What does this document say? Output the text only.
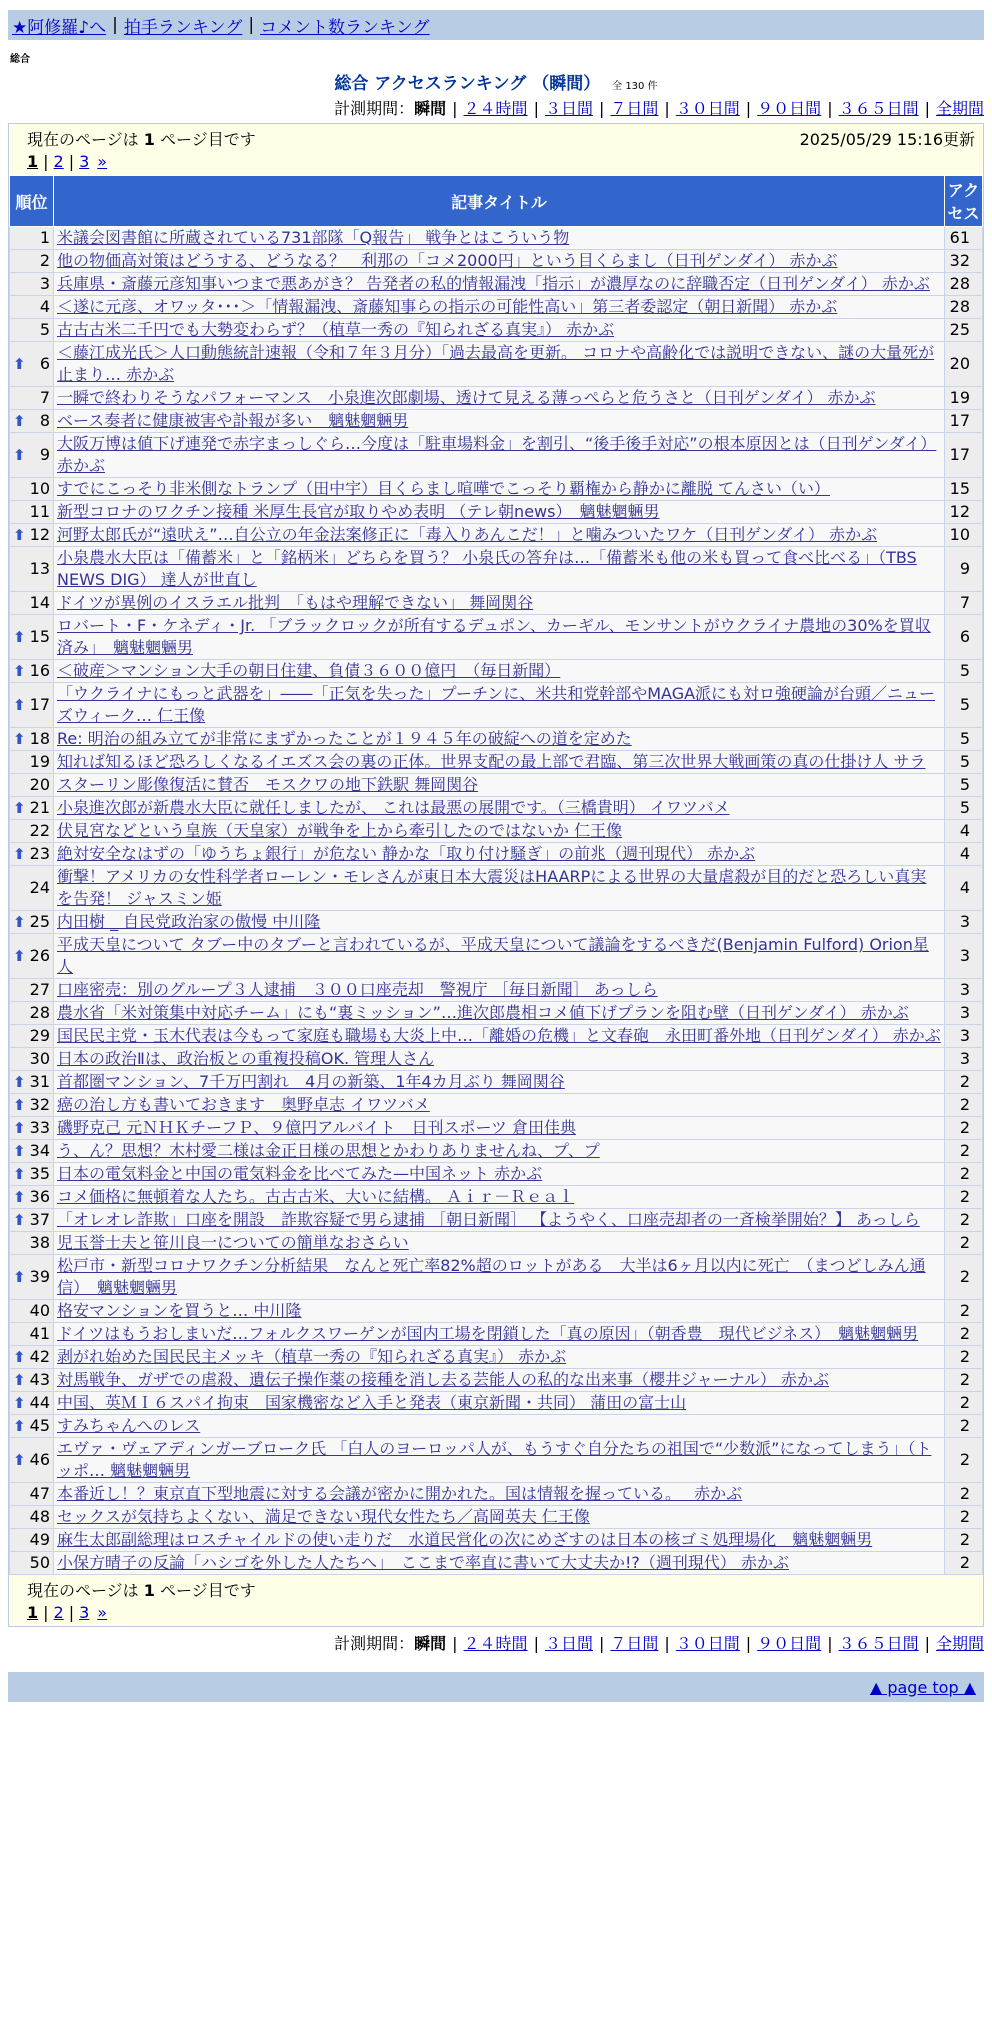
★阿修羅♪へ | 拍手ランキング | コメント数ランキング
総合
総合 アクセスランキング （瞬間） 全 130 件
計測期間：瞬間 | ２４時間 | ３日間 | ７日間 | ３０日間 | ９０日間 | ３６５日間 | 全期間
現在のページは 1 ページ目です	2025/05/29 15:16更新
1 | 2 | 3 »
順位	記事タイトル	アクセス
1	米議会図書館に所蔵されている731部隊「Q報告」 戦争とはこういう物	61
2	他の物価高対策はどうする、どうなる？　利那の「コメ2000円」という目くらまし（日刊ゲンダイ） 赤かぶ	32
3	兵庫県・斎藤元彦知事いつまで悪あがき？ 告発者の私的情報漏洩「指示」が濃厚なのに辞職否定（日刊ゲンダイ） 赤かぶ	28
4	＜遂に元彦、オワッタ･･･＞「情報漏洩、斎藤知事らの指示の可能性高い」第三者委認定（朝日新聞） 赤かぶ	28
5	古古古米二千円でも大勢変わらず？（植草一秀の『知られざる真実』） 赤かぶ	25

⬆ 6	＜藤江成光氏＞人口動態統計速報（令和７年３月分）「過去最高を更新。 コロナや高齢化では説明できない、謎の大量死が止まり… 赤かぶ	20
7	一瞬で終わりそうなパフォーマンス　小泉進次郎劇場、透けて見える薄っぺらと危うさと（日刊ゲンダイ） 赤かぶ	19

⬆ 8	ベース奏者に健康被害や訃報が多い　魑魅魍魎男	17

⬆ 9	大阪万博は値下げ連発で赤字まっしぐら…今度は「駐車場料金」を割引、“後手後手対応”の根本原因とは（日刊ゲンダイ） 赤かぶ	17
10	すでにこっそり非米側なトランプ（田中宇）目くらまし喧嘩でこっそり覇権から静かに離脱 てんさい（い）	15
11	新型コロナのワクチン接種 米厚生長官が取りやめ表明 （テレ朝news）　魑魅魍魎男	12

⬆ 12	河野太郎氏が“遠吠え”…自公立の年金法案修正に「毒入りあんこだ！」と噛みついたワケ（日刊ゲンダイ） 赤かぶ	10
13	小泉農水大臣は「備蓄米」と「銘柄米」どちらを買う？ 小泉氏の答弁は…「備蓄米も他の米も買って食べ比べる」（TBS NEWS DIG） 達人が世直し	9
14	ドイツが異例のイスラエル批判　「もはや理解できない」 舞岡関谷	7

⬆ 15	ロバート・F・ケネディ・Jr. 「ブラックロックが所有するデュポン、カーギル、モンサントがウクライナ農地の30%を買収済み」　魑魅魍魎男	6

⬆ 16	＜破産＞マンション大手の朝日住建、負債３６００億円　（毎日新聞）	5

⬆ 17	「ウクライナにもっと武器を」――「正気を失った」プーチンに、米共和党幹部やMAGA派にも対ロ強硬論が台頭／ニューズウィーク… 仁王像	5

⬆ 18	Re: 明治の組み立てが非常にまずかったことが１９４５年の破綻への道を定めた	5
19	知れば知るほど恐ろしくなるイエズス会の裏の正体。世界支配の最上部で君臨、第三次世界大戦画策の真の仕掛け人 サラ	5
20	スターリン彫像復活に賛否　モスクワの地下鉄駅 舞岡関谷	5

⬆ 21	小泉進次郎が新農水大臣に就任しましたが、 これは最悪の展開です。（三橋貴明） イワツバメ	5
22	伏見宮などという皇族（天皇家）が戦争を上から牽引したのではないか 仁王像	4

⬆ 23	絶対安全なはずの「ゆうちょ銀行」が危ない 静かな「取り付け騒ぎ」の前兆（週刊現代） 赤かぶ	4
24	衝撃！アメリカの女性科学者ローレン・モレさんが東日本大震災はHAARPによる世界の大量虐殺が目的だと恐ろしい真実を告発！ ジャスミン姫	4

⬆ 25	内田樹 _ 自民党政治家の傲慢 中川隆	3

⬆ 26	平成天皇について タブー中のタブーと言われているが、平成天皇について議論をするべきだ(Benjamin Fulford) Orion星人	3
27	口座密売：別のグループ３人逮捕　３００口座売却　警視庁 ［毎日新聞］ あっしら	3
28	農水省「米対策集中対応チーム」にも“裏ミッション”…進次郎農相コメ値下げプランを阻む壁（日刊ゲンダイ） 赤かぶ	3
29	国民民主党・玉木代表は今もって家庭も職場も大炎上中…「離婚の危機」と文春砲　永田町番外地（日刊ゲンダイ） 赤かぶ	3
30	日本の政治Ⅱは、政治板との重複投稿OK. 管理人さん	3

⬆ 31	首都圏マンション、7千万円割れ　4月の新築、1年4カ月ぶり 舞岡関谷	2

⬆ 32	癌の治し方も書いておきます　奥野卓志 イワツバメ	2

⬆ 33	磯野克己 元ＮＨＫチーフＰ、９億円アルバイト　日刊スポーツ 倉田佳典	2

⬆ 34	う、ん？思想？木村愛二様は金正日様の思想とかわりありませんね、プ、プ	2

⬆ 35	日本の電気料金と中国の電気料金を比べてみた—中国ネット 赤かぶ	2

⬆ 36	コメ価格に無頓着な人たち。古古古米、大いに結構。 Ａｉｒ－Ｒｅａｌ	2

⬆ 37	「オレオレ詐欺」口座を開設　詐欺容疑で男ら逮捕 ［朝日新聞］ 【ようやく、口座売却者の一斉検挙開始？】 あっしら	2
38	児玉誉士夫と笹川良一についての簡単なおさらい	2

⬆ 39	松戸市・新型コロナワクチン分析結果　なんと死亡率82%超のロットがある　大半は6ヶ月以内に死亡　（まつどしみん通信）　魑魅魍魎男	2
40	格安マンションを買うと… 中川隆	2
41	ドイツはもうおしまいだ…フォルクスワーゲンが国内工場を閉鎖した「真の原因」（朝香豊　現代ビジネス）　魑魅魍魎男	2

⬆ 42	剥がれ始めた国民民主メッキ（植草一秀の『知られざる真実』） 赤かぶ	2

⬆ 43	対馬戦争、ガザでの虐殺、遺伝子操作薬の接種を消し去る芸能人の私的な出来事（櫻井ジャーナル） 赤かぶ	2

⬆ 44	中国、英ＭＩ６スパイ拘束　国家機密など入手と発表（東京新聞・共同） 蒲田の富士山	2

⬆ 45	すみちゃんへのレス	2

⬆ 46	エヴァ・ヴェアディンガーブローク氏 「白人のヨーロッパ人が、もうすぐ自分たちの祖国で“少数派”になってしまう」（トッポ… 魑魅魍魎男	2
47	本番近し！？東京直下型地震に対する会議が密かに開かれた。国は情報を握っている。　 赤かぶ	2
48	セックスが気持ちよくない、満足できない現代女性たち／高岡英夫 仁王像	2
49	麻生太郎副総理はロスチャイルドの使い走りだ　水道民営化の次にめざすのは日本の核ゴミ処理場化　魑魅魍魎男	2
50	小保方晴子の反論「ハシゴを外した人たちへ」　ここまで率直に書いて大丈夫か!?（週刊現代） 赤かぶ	2
現在のページは 1 ページ目です
1 | 2 | 3 »
計測期間：瞬間 | ２４時間 | ３日間 | ７日間 | ３０日間 | ９０日間 | ３６５日間 | 全期間
▲ page top ▲
